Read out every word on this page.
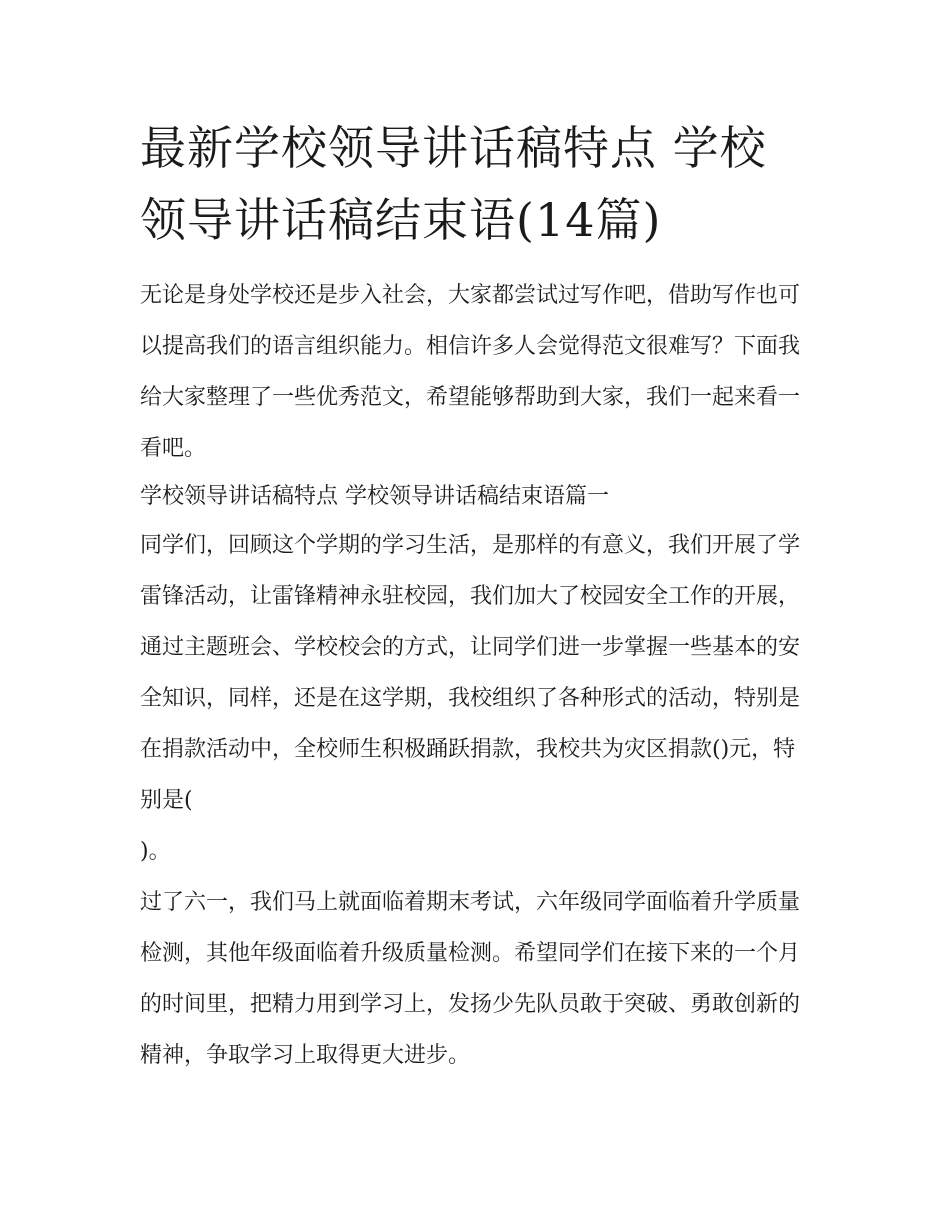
最新学校领导讲话稿特点 学校领导讲话稿结束语(14篇)

无论是身处学校还是步入社会，大家都尝试过写作吧，借助写作也可以提高我们的语言组织能力。相信许多人会觉得范文很难写？下面我给大家整理了一些优秀范文，希望能够帮助到大家，我们一起来看一看吧。

学校领导讲话稿特点 学校领导讲话稿结束语篇一

同学们，回顾这个学期的学习生活，是那样的有意义，我们开展了学雷锋活动，让雷锋精神永驻校园，我们加大了校园安全工作的开展，通过主题班会、学校校会的方式，让同学们进一步掌握一些基本的安全知识，同样，还是在这学期，我校组织了各种形式的活动，特别是在捐款活动中，全校师生积极踊跃捐款，我校共为灾区捐款()元，特别是(

)。

过了六一，我们马上就面临着期末考试，六年级同学面临着升学质量检测，其他年级面临着升级质量检测。希望同学们在接下来的一个月的时间里，把精力用到学习上，发扬少先队员敢于突破、勇敢创新的精神，争取学习上取得更大进步。
